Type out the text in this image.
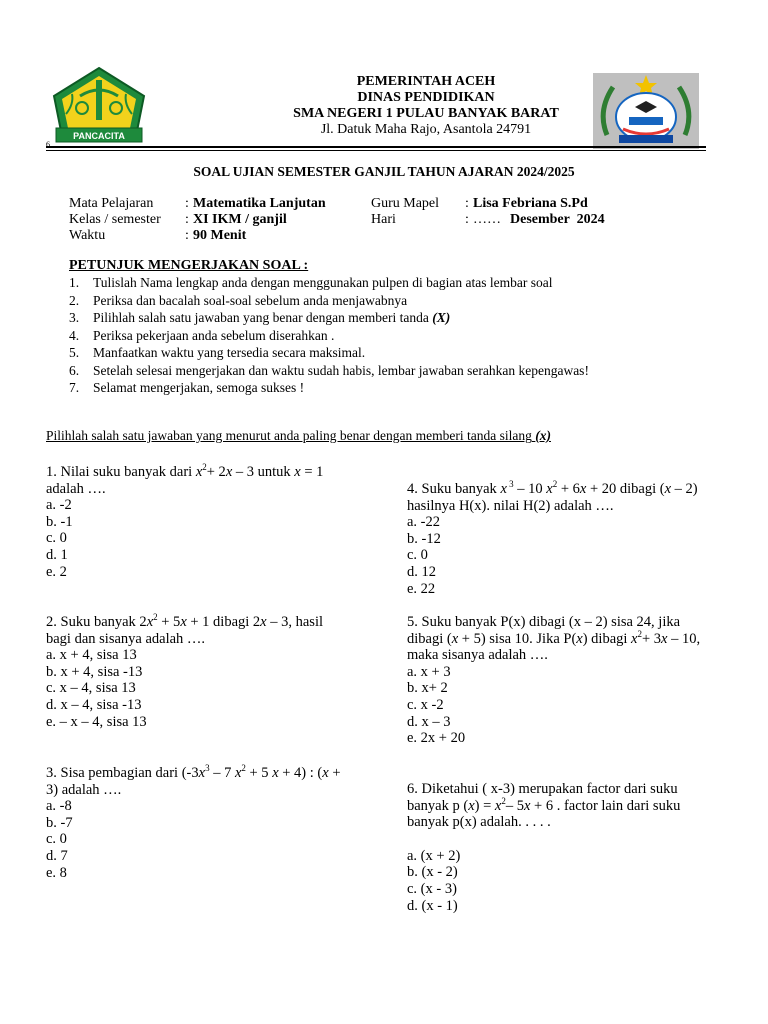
PANCACITA
PEMERINTAH ACEH
DINAS PENDIDIKAN
SMA NEGERI 1 PULAU BANYAK BARAT
Jl. Datuk Maha Rajo, Asantola 24791
6
SOAL UJIAN SEMESTER GANJIL TAHUN AJARAN 2024/2025
Mata Pelajaran : Matematika Lanjutan	Guru Mapel : Lisa Febriana S.Pd
Kelas / semester : XI IKM / ganjil	Hari	: …… Desember  2024
Waktu	: 90 Menit
PETUNJUK MENGERJAKAN SOAL :
1.	Tulislah Nama lengkap anda dengan menggunakan pulpen di bagian atas lembar soal
2.	Periksa dan bacalah soal-soal sebelum anda menjawabnya
3.	Pilihlah salah satu jawaban yang benar dengan memberi tanda (X)
4.	Periksa pekerjaan anda sebelum diserahkan .
5.	Manfaatkan waktu yang tersedia secara maksimal.
6.	Setelah selesai mengerjakan dan waktu sudah habis, lembar jawaban serahkan kepengawas!
7.	Selamat mengerjakan, semoga sukses !
Pilihlah salah satu jawaban yang menurut anda paling benar dengan memberi tanda silang (x)
1. Nilai suku banyak dari $x^2+ 2x - 3$ untuk x = 1
adalah ….
a. -2
b. -1
c. 0
d. 1
e. 2
2. Suku banyak $2x^2 + 5x + 1$ dibagi 2x – 3, hasil
bagi dan sisanya adalah ….
a. x + 4, sisa 13
b. x + 4, sisa -13
c. x – 4, sisa 13
d. x – 4, sisa -13
e. – x – 4, sisa 13
3. Sisa pembagian dari ($-3x^3 - 7$ $x^2 + 5$ x + 4) : (x +
3) adalah ….
a. -8
b. -7
c. 0
d. 7
e. 8
4. Suku banyak x $^3$ – 10 $x^2 + 6x + 20$ dibagi (x – 2)
hasilnya H(x). nilai H(2) adalah ….
a. -22
b. -12
c. 0
d. 12
e. 22
5. Suku banyak P(x) dibagi (x – 2) sisa 24, jika
dibagi (x + 5) sisa 10. Jika P(x) dibagi $x^2+ 3x - 10$,
maka sisanya adalah ….
a. x + 3
b. x+ 2
c. x -2
d. x – 3
e. 2x + 20
6. Diketahui ( x-3) merupakan factor dari suku
banyak p $(x) = x^2-$ 5x + 6 . factor lain dari suku
banyak p(x) adalah. . . . .
a. (x + 2)
b. (x - 2)
c. (x - 3)
d. (x - 1)
